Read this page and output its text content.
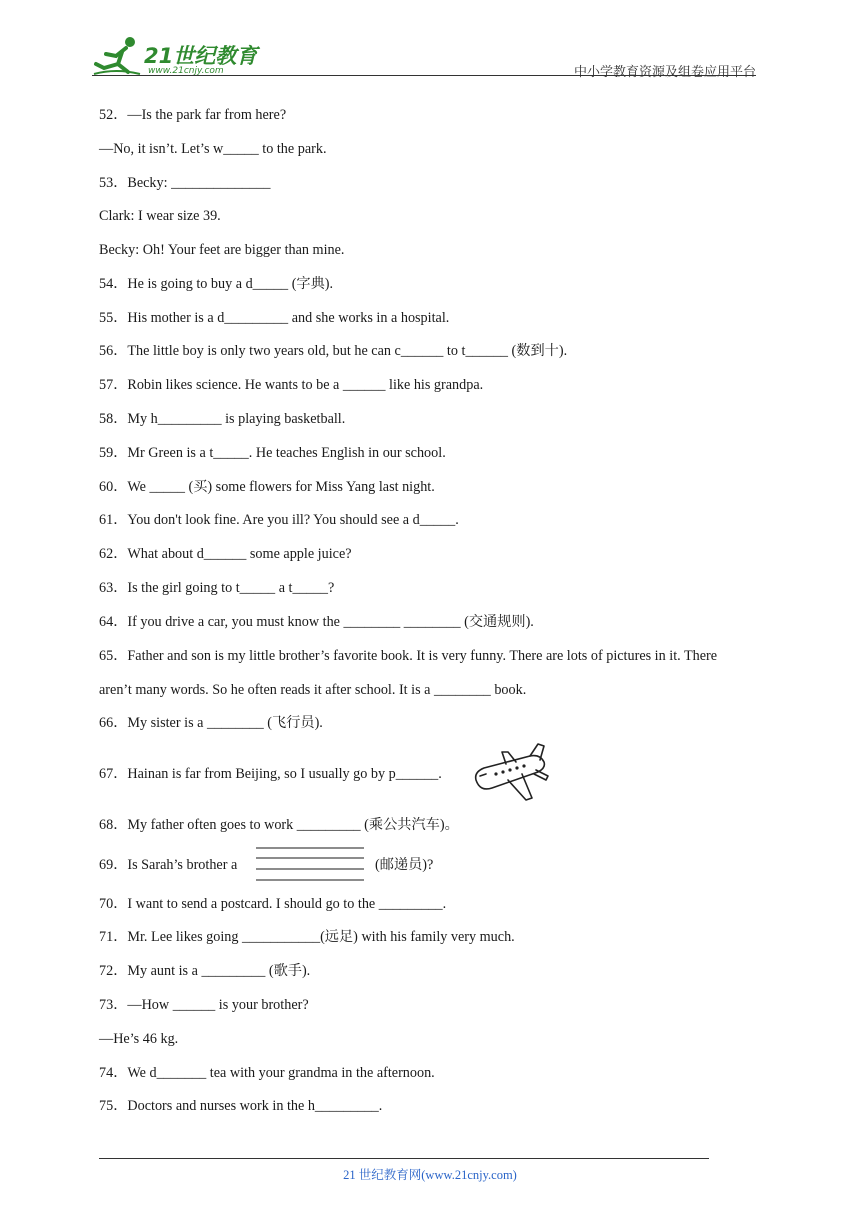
21世纪教育
www.21cnjy.com	中小学教育资源及组卷应用平台
52．—Is the park far from here?
—No, it isn’t. Let’s w_____ to the park.
53．Becky: ______________
Clark: I wear size 39.
Becky: Oh! Your feet are bigger than mine.
54．He is going to buy a d_____ (字典).
55．His mother is a d_________ and she works in a hospital.
56．The little boy is only two years old, but he can c______ to t______ (数到十).
57．Robin likes science. He wants to be a ______ like his grandpa.
58．My h_________ is playing basketball.
59．Mr Green is a t_____. He teaches English in our school.
60．We _____ (买) some flowers for Miss Yang last night.
61．You don't look fine. Are you ill? You should see a d_____.
62．What about d______ some apple juice?
63．Is the girl going to t_____ a t_____?
64．If you drive a car, you must know the ________ ________ (交通规则).
65．Father and son is my little brother’s favorite book. It is very funny. There are lots of pictures in it. There
aren’t many words. So he often reads it after school. It is a ________ book.
66．My sister is a ________ (飞行员).
67．Hainan is far from Beijing, so I usually go by p______.
68．My father often goes to work _________ (乘公共汽车)。
69．Is Sarah’s brother a	(邮递员)?
70．I want to send a postcard. I should go to the _________.
71．Mr. Lee likes going ___________(远足) with his family very much.
72．My aunt is a _________ (歌手).
73．—How ______ is your brother?
—He’s 46 kg.
74．We d_______ tea with your grandma in the afternoon.
75．Doctors and nurses work in the h_________.
21 世纪教育网(www.21cnjy.com)
